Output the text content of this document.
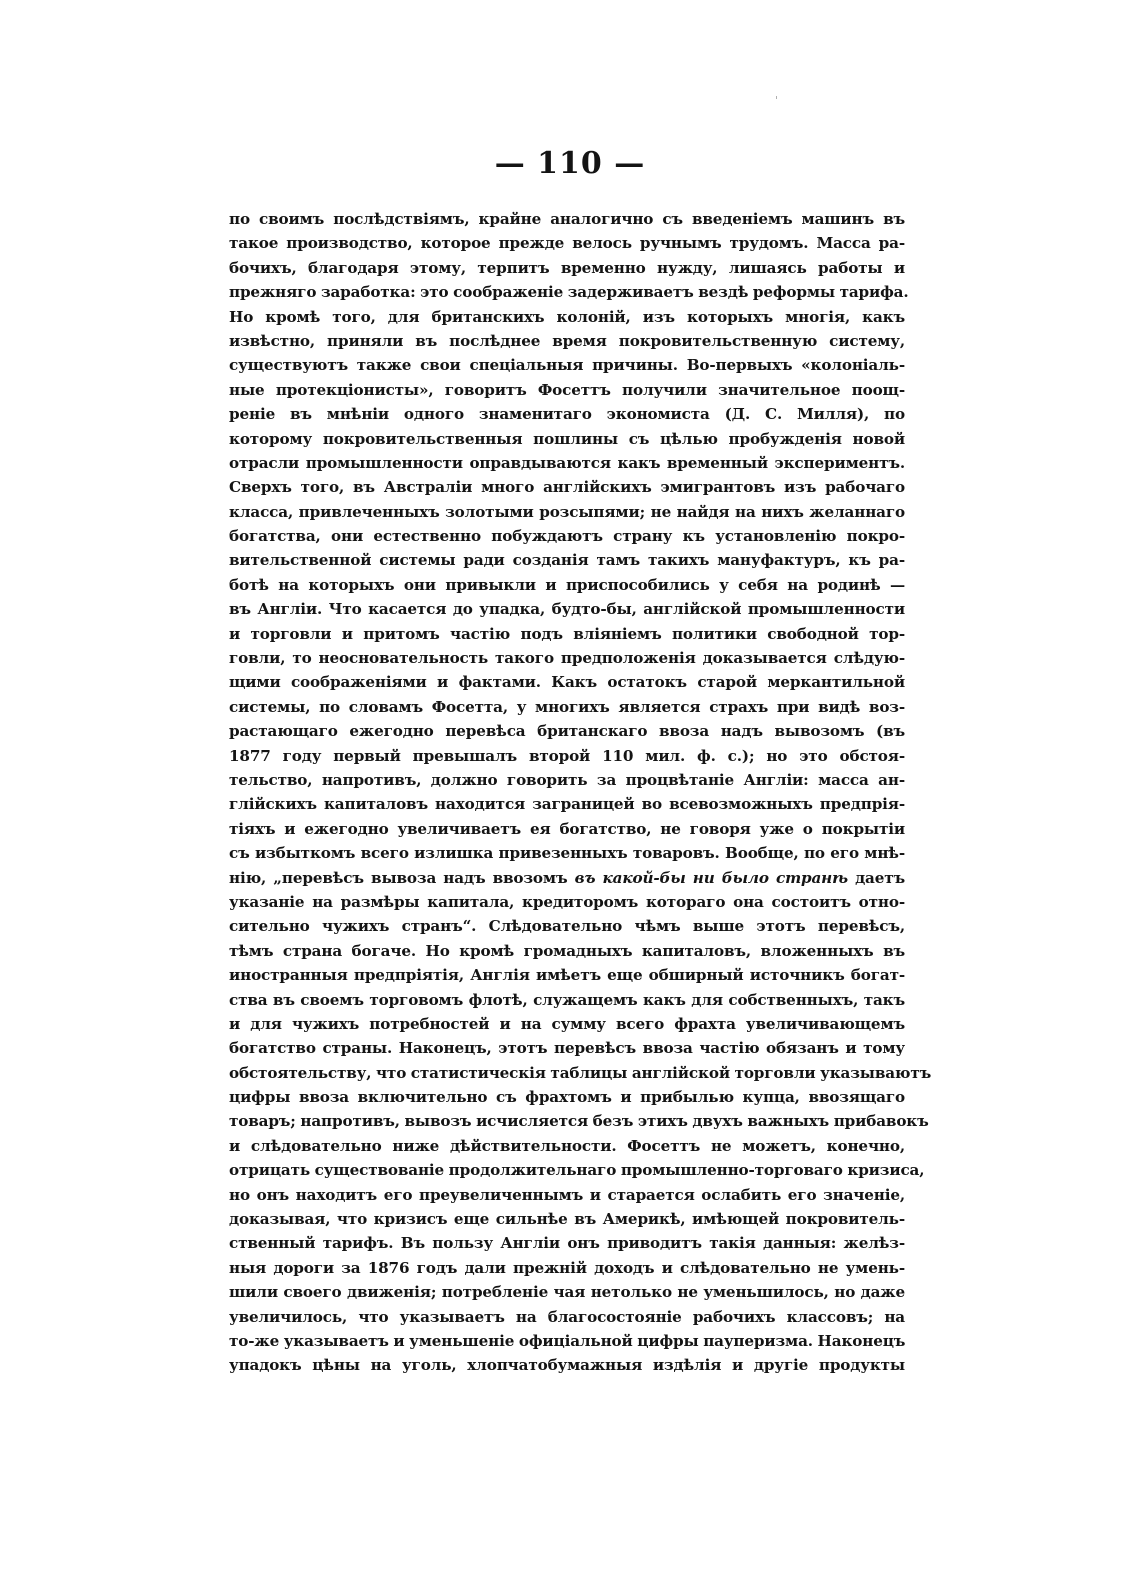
— 110 —
по своимъ послѣдствіямъ, крайне аналогично съ введеніемъ машинъ въ
такое производство, которое прежде велось ручнымъ трудомъ. Масса ра-
бочихъ, благодаря этому, терпитъ временно нужду, лишаясь работы и
прежняго заработка: это соображеніе задерживаетъ вездѣ реформы тарифа.
Но кромѣ того, для британскихъ колоній, изъ которыхъ многія, какъ
извѣстно, приняли въ послѣднее время покровительственную систему,
существуютъ также свои спеціальныя причины. Во-первыхъ «колоніаль-
ные протекціонисты», говоритъ Фосеттъ получили значительное поощ-
реніе въ мнѣніи одного знаменитаго экономиста (Д. С. Милля), по
которому покровительственныя пошлины съ цѣлью пробужденія новой
отрасли промышленности оправдываются какъ временный экспериментъ.
Сверхъ того, въ Австраліи много англійскихъ эмигрантовъ изъ рабочаго
класса, привлеченныхъ золотыми розсыпями; не найдя на нихъ желаннаго
богатства, они естественно побуждаютъ страну къ установленію покро-
вительственной системы ради созданія тамъ такихъ мануфактуръ, къ ра-
ботѣ на которыхъ они привыкли и приспособились у себя на родинѣ —
въ Англіи. Что касается до упадка, будто-бы, англійской промышленности
и торговли и притомъ частію подъ вліяніемъ политики свободной тор-
говли, то неосновательность такого предположенія доказывается слѣдую-
щими соображеніями и фактами. Какъ остатокъ старой меркантильной
системы, по словамъ Фосетта, у многихъ является страхъ при видѣ воз-
растающаго ежегодно перевѣса британскаго ввоза надъ вывозомъ (въ
1877 году первый превышалъ второй 110 мил. ф. с.); но это обстоя-
тельство, напротивъ, должно говорить за процвѣтаніе Англіи: масса ан-
глійскихъ капиталовъ находится заграницей во всевозможныхъ предпрія-
тіяхъ и ежегодно увеличиваетъ ея богатство, не говоря уже о покрытіи
съ избыткомъ всего излишка привезенныхъ товаровъ. Вообще, по его мнѣ-
нію, „перевѣсъ вывоза надъ ввозомъ въ какой-бы ни было странѣ даетъ
указаніе на размѣры капитала, кредиторомъ котораго она состоитъ отно-
сительно чужихъ странъ“. Слѣдовательно чѣмъ выше этотъ перевѣсъ,
тѣмъ страна богаче. Но кромѣ громадныхъ капиталовъ, вложенныхъ въ
иностранныя предпріятія, Англія имѣетъ еще обширный источникъ богат-
ства въ своемъ торговомъ флотѣ, служащемъ какъ для собственныхъ, такъ
и для чужихъ потребностей и на сумму всего фрахта увеличивающемъ
богатство страны. Наконецъ, этотъ перевѣсъ ввоза частію обязанъ и тому
обстоятельству, что статистическія таблицы англійской торговли указываютъ
цифры ввоза включительно съ фрахтомъ и прибылью купца, ввозящаго
товаръ; напротивъ, вывозъ исчисляется безъ этихъ двухъ важныхъ прибавокъ
и слѣдовательно ниже дѣйствительности. Фосеттъ не можетъ, конечно,
отрицать существованіе продолжительнаго промышленно-торговаго кризиса,
но онъ находитъ его преувеличеннымъ и старается ослабить его значеніе,
доказывая, что кризисъ еще сильнѣе въ Америкѣ, имѣющей покровитель-
ственный тарифъ. Въ пользу Англіи онъ приводитъ такія данныя: желѣз-
ныя дороги за 1876 годъ дали прежній доходъ и слѣдовательно не умень-
шили своего движенія; потребленіе чая нетолько не уменьшилось, но даже
увеличилось, что указываетъ на благосостояніе рабочихъ классовъ; на
то-же указываетъ и уменьшеніе офиціальной цифры пауперизма. Наконецъ
упадокъ цѣны на уголь, хлопчатобумажныя издѣлія и другіе продукты
